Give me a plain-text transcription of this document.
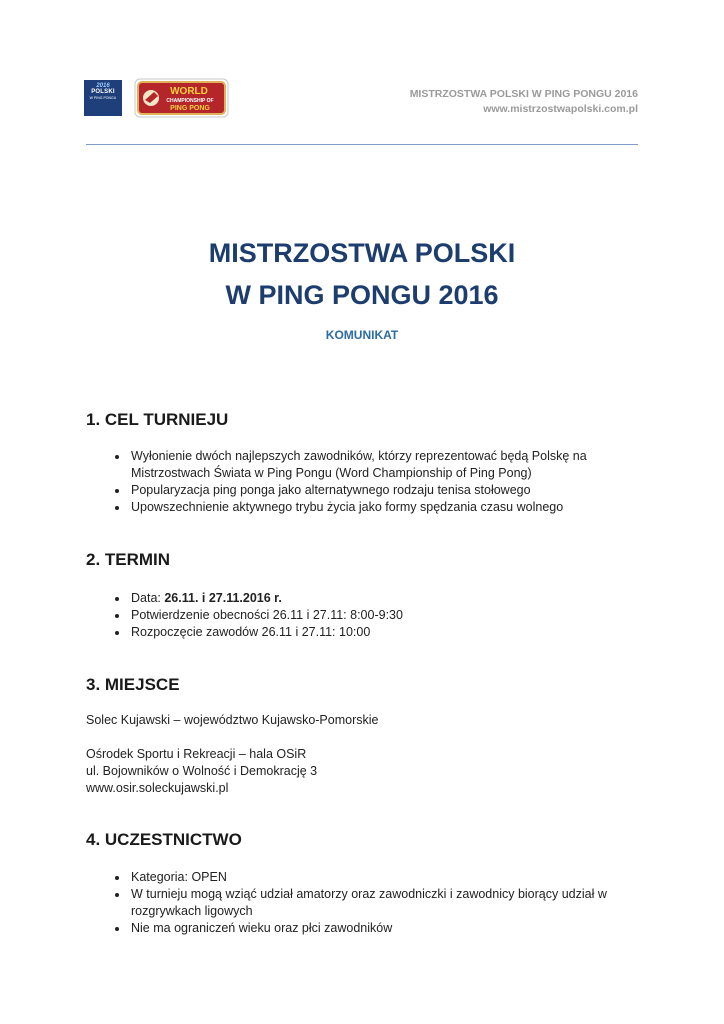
2016
POLSKI
W PING PONGU
WORLD
CHAMPIONSHIP OF
PING PONG
MISTRZOSTWA POLSKI W PING PONGU 2016
www.mistrzostwapolski.com.pl
MISTRZOSTWA POLSKI
W PING PONGU 2016
KOMUNIKAT
1. CEL TURNIEJU
• Wyłonienie dwóch najlepszych zawodników, którzy reprezentować będą Polskę na Mistrzostwach Świata w Ping Pongu (Word Championship of Ping Pong)
• Popularyzacja ping ponga jako alternatywnego rodzaju tenisa stołowego
• Upowszechnienie aktywnego trybu życia jako formy spędzania czasu wolnego
2. TERMIN
• Data: 26.11. i 27.11.2016 r.
• Potwierdzenie obecności 26.11 i 27.11: 8:00-9:30
• Rozpoczęcie zawodów 26.11 i 27.11: 10:00
3. MIEJSCE
Solec Kujawski – województwo Kujawsko-Pomorskie
Ośrodek Sportu i Rekreacji – hala OSiR
ul. Bojowników o Wolność i Demokrację 3
www.osir.soleckujawski.pl
4. UCZESTNICTWO
• Kategoria: OPEN
• W turnieju mogą wziąć udział amatorzy oraz zawodniczki i zawodnicy biorący udział w rozgrywkach ligowych
• Nie ma ograniczeń wieku oraz płci zawodników
